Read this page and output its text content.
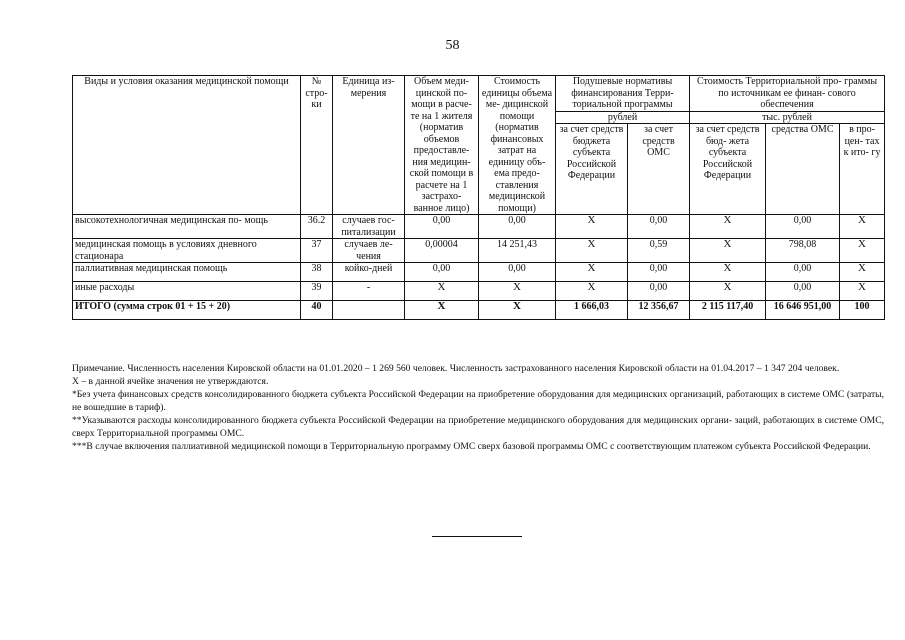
58
Виды и условия оказания медицинской помощи	№ стро- ки	Единица из- мерения	Объем меди- цинской по- мощи в расче- те на 1 жителя (норматив объемов предоставле- ния медицин- ской помощи в расчете на 1 застрахо- ванное лицо)	Стоимость единицы объема ме- дицинской помощи (норматив финансовых затрат на единицу объ- ема предо- ставления медицинской помощи)	Подушевые нормативы финансирования Терри- ториальной программы		Стоимость Территориальной про- граммы по источникам ее финан- сового обеспечения		
					рублей		тыс. рублей		
					за счет средств бюджета субъекта Российской Федерации	за счет средств ОМС	за счет средств бюд- жета субъекта Российской Федерации	средства ОМС	в про- цен- тах к ито- гу

высокотехнологичная медицинская по- мощь	36.2	случаев гос- питализации	0,00	0,00	X	0,00	X	0,00	X
медицинская помощь в условиях дневного стационара	37	случаев ле- чения	0,00004	14 251,43	X	0,59	X	798,08	X
паллиативная медицинская помощь	38	койко-дней	0,00	0,00	X	0,00	X	0,00	X
иные расходы	39	-	X	X	X	0,00	X	0,00	X
ИТОГО (сумма строк 01 + 15 + 20)	40		X	X	1 666,03	12 356,67	2 115 117,40	16 646 951,00	100

Примечание. Численность населения Кировской области на 01.01.2020 – 1 269 560 человек. Численность застрахованного населения Кировской области на 01.04.2017 – 1 347 204 человек.

X – в данной ячейке значения не утверждаются.

*Без учета финансовых средств консолидированного бюджета субъекта Российской Федерации на приобретение оборудования для медицинских организаций, работающих в системе ОМС (затраты, не вошедшие в тариф).

**Указываются расходы консолидированного бюджета субъекта Российской Федерации на приобретение медицинского оборудования для медицинских органи- заций, работающих в системе ОМС, сверх Территориальной программы ОМС.

***В случае включения паллиативной медицинской помощи в Территориальную программу ОМС сверх базовой программы ОМС с соответствующим платежом субъекта Российской Федерации.
